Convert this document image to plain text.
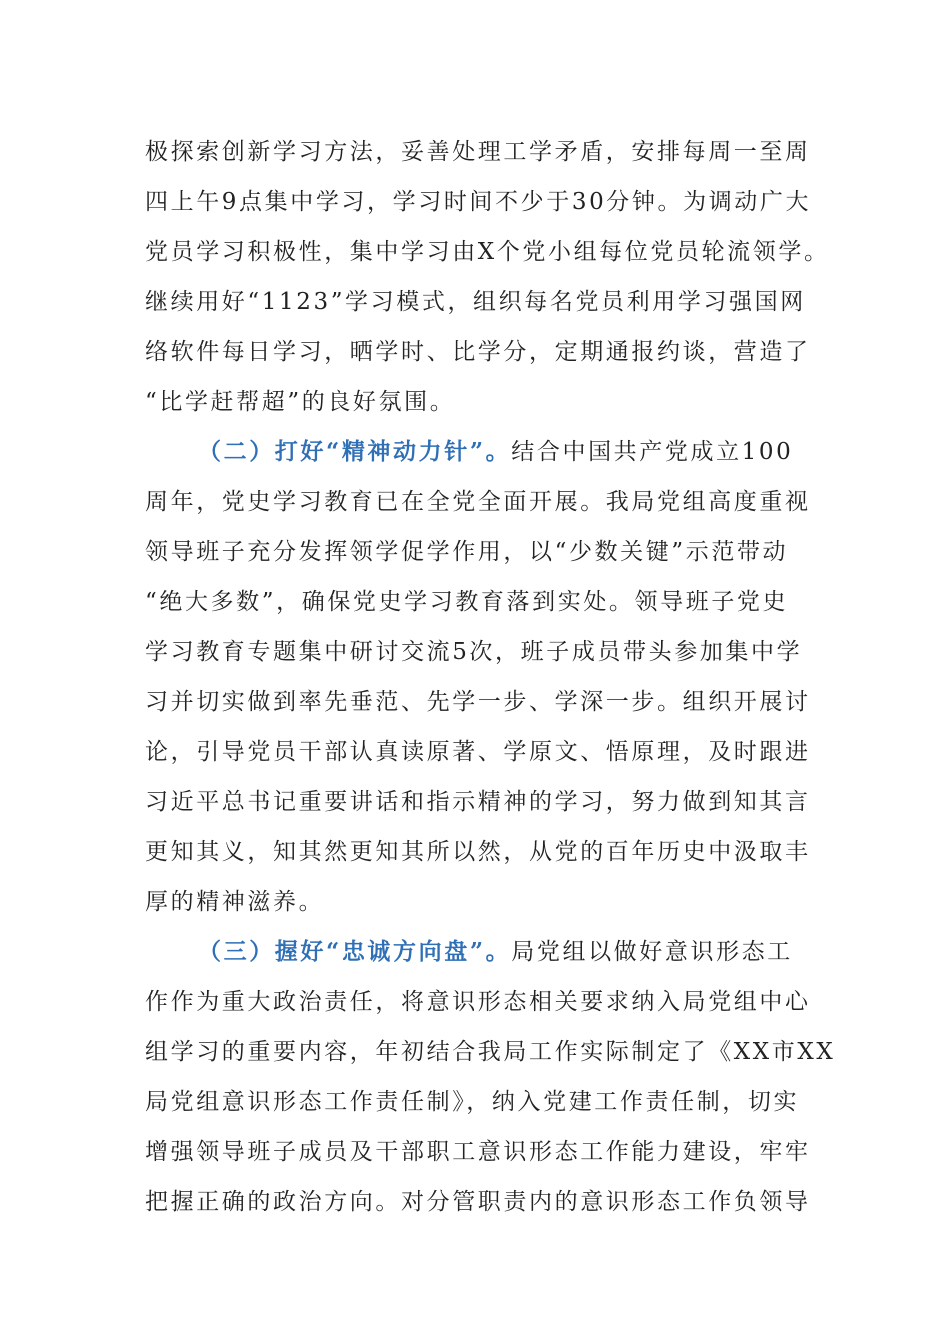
极探索创新学习方法，妥善处理工学矛盾，安排每周一至周
四上午9点集中学习，学习时间不少于30分钟。为调动广大
党员学习积极性，集中学习由X个党小组每位党员轮流领学。
继续用好“1123”学习模式，组织每名党员利用学习强国网
络软件每日学习，晒学时、比学分，定期通报约谈，营造了
“比学赶帮超”的良好氛围。
（二）打好“精神动力针”。结合中国共产党成立100
周年，党史学习教育已在全党全面开展。我局党组高度重视
领导班子充分发挥领学促学作用，以“少数关键”示范带动
“绝大多数”，确保党史学习教育落到实处。领导班子党史
学习教育专题集中研讨交流5次，班子成员带头参加集中学
习并切实做到率先垂范、先学一步、学深一步。组织开展讨
论，引导党员干部认真读原著、学原文、悟原理，及时跟进
习近平总书记重要讲话和指示精神的学习，努力做到知其言
更知其义，知其然更知其所以然，从党的百年历史中汲取丰
厚的精神滋养。
（三）握好“忠诚方向盘”。局党组以做好意识形态工
作作为重大政治责任，将意识形态相关要求纳入局党组中心
组学习的重要内容，年初结合我局工作实际制定了《XX市XX
局党组意识形态工作责任制》，纳入党建工作责任制，切实
增强领导班子成员及干部职工意识形态工作能力建设，牢牢
把握正确的政治方向。对分管职责内的意识形态工作负领导
